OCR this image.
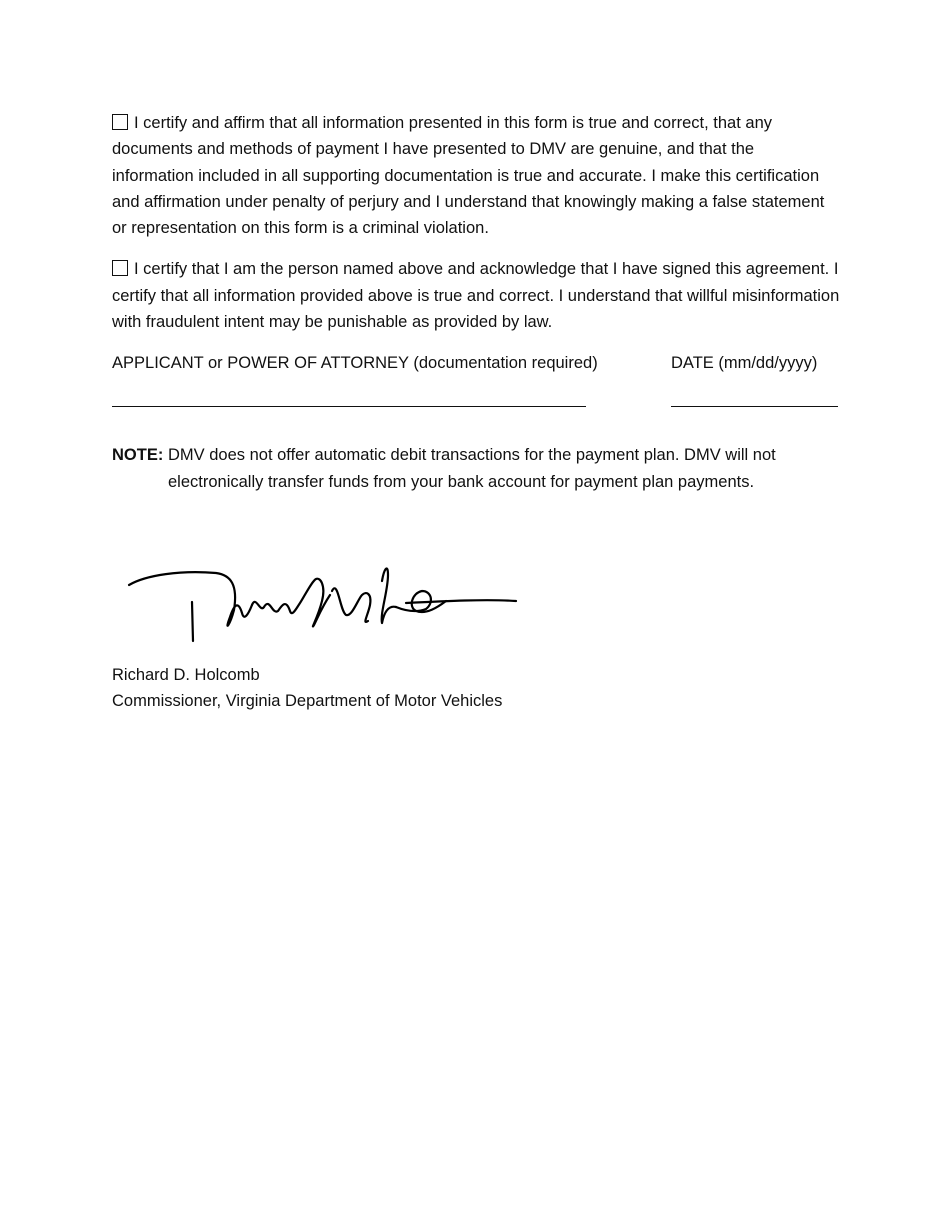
I certify and affirm that all information presented in this form is true and correct, that any documents and methods of payment I have presented to DMV are genuine, and that the information included in all supporting documentation is true and accurate. I make this certification and affirmation under penalty of perjury and I understand that knowingly making a false statement or representation on this form is a criminal violation.

I certify that I am the person named above and acknowledge that I have signed this agreement. I certify that all information provided above is true and correct. I understand that willful misinformation with fraudulent intent may be punishable as provided by law.

APPLICANT or POWER OF ATTORNEY (documentation required)	DATE (mm/dd/yyyy)
NOTE: DMV does not offer automatic debit transactions for the payment plan. DMV will not electronically transfer funds from your bank account for payment plan payments.
Richard D. Holcomb
Commissioner, Virginia Department of Motor Vehicles
